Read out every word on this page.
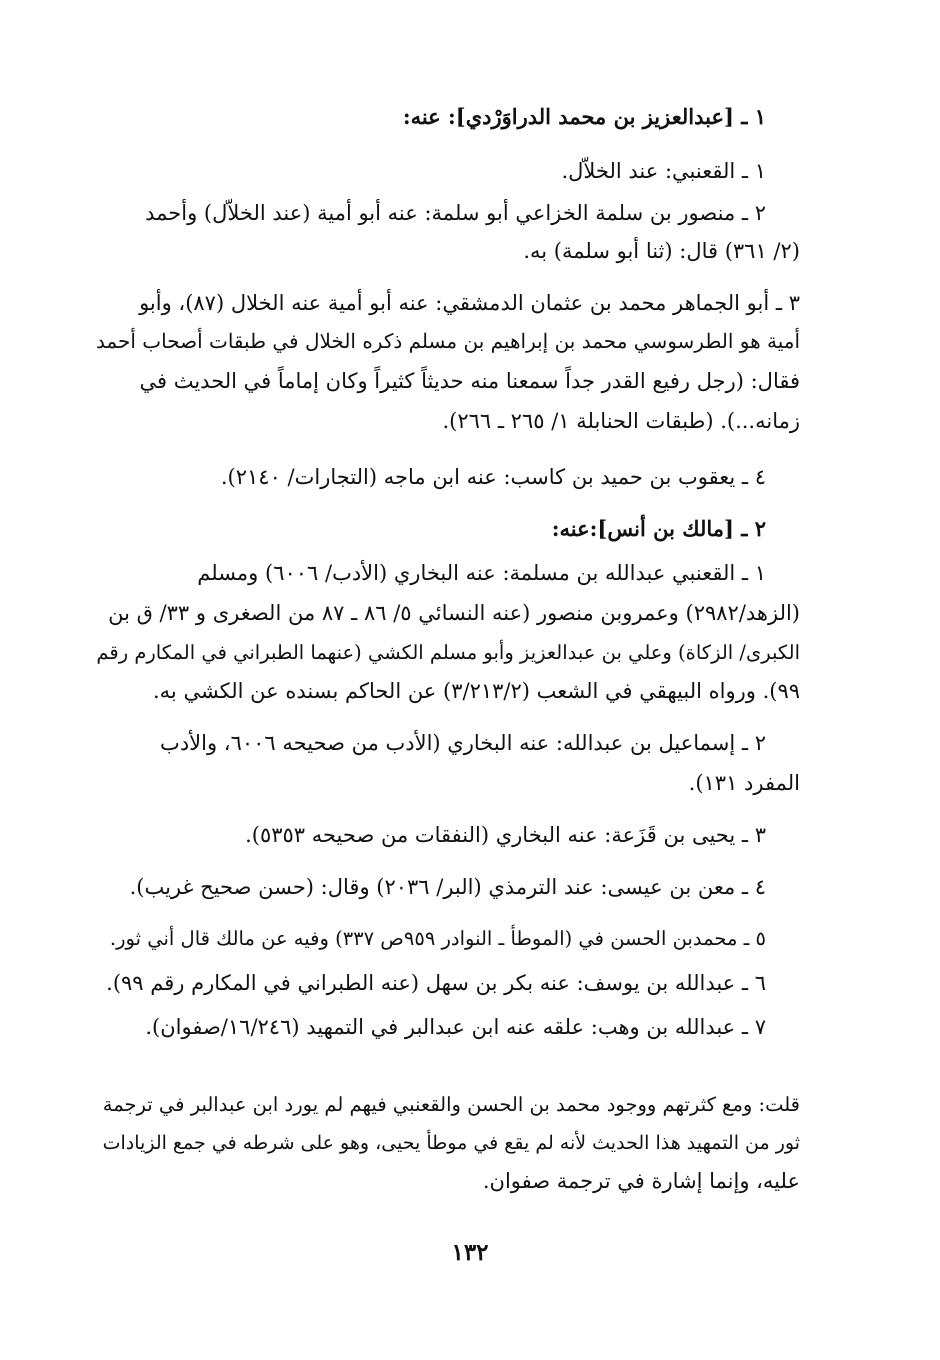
١ ـ [عبدالعزيز بن محمد الدراوَرْدي]: عنه:
١ ـ القعنبي: عند الخلاّل.
٢ ـ منصور بن سلمة الخزاعي أبو سلمة: عنه أبو أمية (عند الخلاّل) وأحمد
(٢/ ٣٦١) قال: (ثنا أبو سلمة) به.
٣ ـ أبو الجماهر محمد بن عثمان الدمشقي: عنه أبو أمية عنه الخلال (٨٧)، وأبو
أمية هو الطرسوسي محمد بن إبراهيم بن مسلم ذكره الخلال في طبقات أصحاب أحمد
فقال: (رجل رفيع القدر جداً سمعنا منه حديثاً كثيراً وكان إماماً في الحديث في
زمانه...). (طبقات الحنابلة ١/ ٢٦٥ ـ ٢٦٦).
٤ ـ يعقوب بن حميد بن كاسب: عنه ابن ماجه (التجارات/ ٢١٤٠).
٢ ـ [مالك بن أنس]:عنه:
١ ـ القعنبي عبدالله بن مسلمة: عنه البخاري (الأدب/ ٦٠٠٦) ومسلم
(الزهد/٢٩٨٢) وعمروبن منصور (عنه النسائي ٥/ ٨٦ ـ ٨٧ من الصغرى و ٣٣/ ق بن
الكبرى/ الزكاة) وعلي بن عبدالعزيز وأبو مسلم الكشي (عنهما الطبراني في المكارم رقم
٩٩). ورواه البيهقي في الشعب (٣/٢١٣/٢) عن الحاكم بسنده عن الكشي به.
٢ ـ إسماعيل بن عبدالله: عنه البخاري (الأدب من صحيحه ٦٠٠٦، والأدب
المفرد ١٣١).
٣ ـ يحيى بن قَزَعة: عنه البخاري (النفقات من صحيحه ٥٣٥٣).
٤ ـ معن بن عيسى: عند الترمذي (البر/ ٢٠٣٦) وقال: (حسن صحيح غريب).
٥ ـ محمدبن الحسن في (الموطأ ـ النوادر ٩٥٩ص ٣٣٧) وفيه عن مالك قال أني ثور.
٦ ـ عبدالله بن يوسف: عنه بكر بن سهل (عنه الطبراني في المكارم رقم ٩٩).
٧ ـ عبدالله بن وهب: علقه عنه ابن عبدالبر في التمهيد (١٦/٢٤٦/صفوان).
قلت: ومع كثرتهم ووجود محمد بن الحسن والقعنبي فيهم لم يورد ابن عبدالبر في ترجمة
ثور من التمهيد هذا الحديث لأنه لم يقع في موطأ يحيى، وهو على شرطه في جمع الزيادات
عليه، وإنما إشارة في ترجمة صفوان.
١٣٢
